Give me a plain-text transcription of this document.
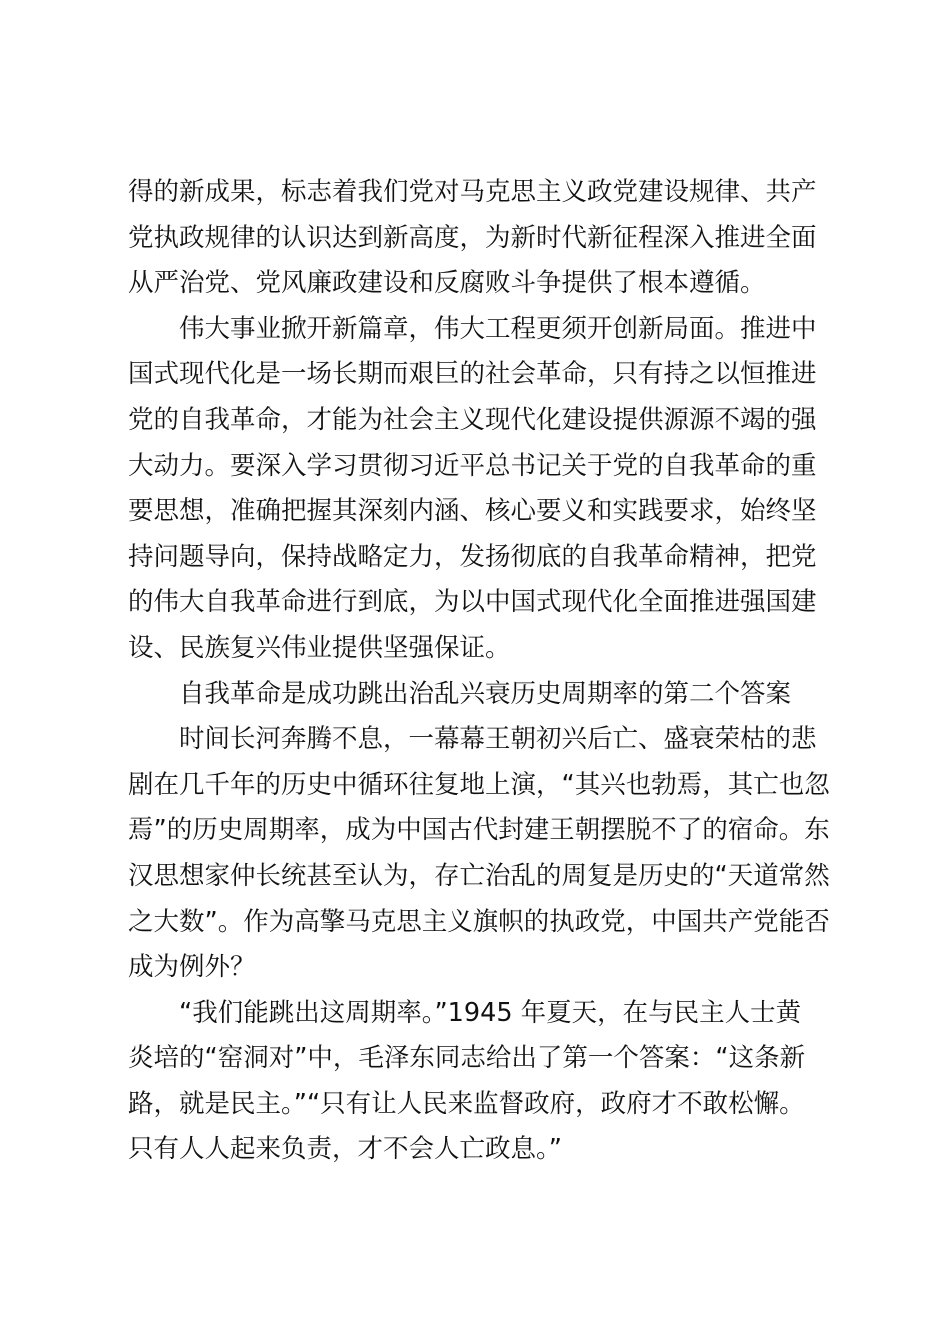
得的新成果，标志着我们党对马克思主义政党建设规律、共产
党执政规律的认识达到新高度，为新时代新征程深入推进全面
从严治党、党风廉政建设和反腐败斗争提供了根本遵循。
伟大事业掀开新篇章，伟大工程更须开创新局面。推进中
国式现代化是一场长期而艰巨的社会革命，只有持之以恒推进
党的自我革命，才能为社会主义现代化建设提供源源不竭的强
大动力。要深入学习贯彻习近平总书记关于党的自我革命的重
要思想，准确把握其深刻内涵、核心要义和实践要求，始终坚
持问题导向，保持战略定力，发扬彻底的自我革命精神，把党
的伟大自我革命进行到底，为以中国式现代化全面推进强国建
设、民族复兴伟业提供坚强保证。
自我革命是成功跳出治乱兴衰历史周期率的第二个答案
时间长河奔腾不息，一幕幕王朝初兴后亡、盛衰荣枯的悲
剧在几千年的历史中循环往复地上演，“其兴也勃焉，其亡也忽
焉”的历史周期率，成为中国古代封建王朝摆脱不了的宿命。东
汉思想家仲长统甚至认为，存亡治乱的周复是历史的“天道常然
之大数”。作为高擎马克思主义旗帜的执政党，中国共产党能否
成为例外？
“我们能跳出这周期率。”1945 年夏天，在与民主人士黄
炎培的“窑洞对”中，毛泽东同志给出了第一个答案：“这条新
路，就是民主。”“只有让人民来监督政府，政府才不敢松懈。
只有人人起来负责，才不会人亡政息。”
